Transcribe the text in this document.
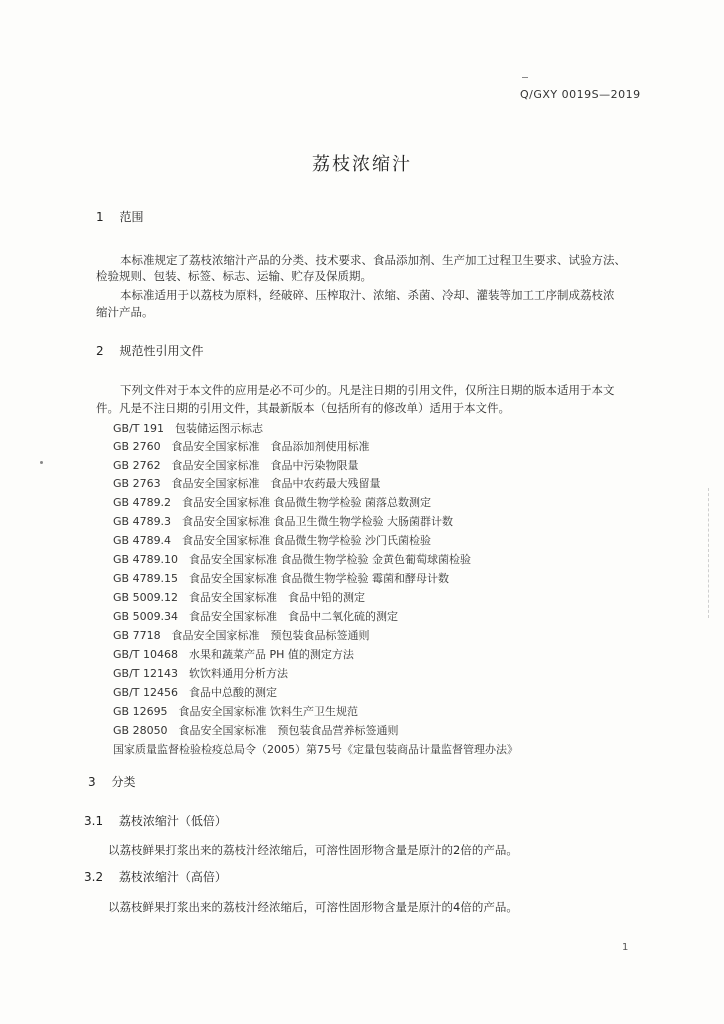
Q/GXY 0019S—2019
荔枝浓缩汁
1 范围
本标准规定了荔枝浓缩汁产品的分类、技术要求、食品添加剂、生产加工过程卫生要求、试验方法、
检验规则、包装、标签、标志、运输、贮存及保质期。
本标准适用于以荔枝为原料，经破碎、压榨取汁、浓缩、杀菌、冷却、灌装等加工工序制成荔枝浓
缩汁产品。
2 规范性引用文件
下列文件对于本文件的应用是必不可少的。凡是注日期的引用文件，仅所注日期的版本适用于本文
件。凡是不注日期的引用文件，其最新版本（包括所有的修改单）适用于本文件。
GB/T 191　包装储运图示标志
GB 2760　食品安全国家标准　食品添加剂使用标准
GB 2762　食品安全国家标准　食品中污染物限量
GB 2763　食品安全国家标准　食品中农药最大残留量
GB 4789.2　食品安全国家标准 食品微生物学检验 菌落总数测定
GB 4789.3　食品安全国家标准 食品卫生微生物学检验 大肠菌群计数
GB 4789.4　食品安全国家标准 食品微生物学检验 沙门氏菌检验
GB 4789.10　食品安全国家标准 食品微生物学检验 金黄色葡萄球菌检验
GB 4789.15　食品安全国家标准 食品微生物学检验 霉菌和酵母计数
GB 5009.12　食品安全国家标准　食品中铅的测定
GB 5009.34　食品安全国家标准　食品中二氧化硫的测定
GB 7718　食品安全国家标准　预包装食品标签通则
GB/T 10468　水果和蔬菜产品 PH 值的测定方法
GB/T 12143　软饮料通用分析方法
GB/T 12456　食品中总酸的测定
GB 12695　食品安全国家标准 饮料生产卫生规范
GB 28050　食品安全国家标准　预包装食品营养标签通则
国家质量监督检验检疫总局令（2005）第75号《定量包装商品计量监督管理办法》
3 分类
3.1 荔枝浓缩汁（低倍）
以荔枝鲜果打浆出来的荔枝汁经浓缩后，可溶性固形物含量是原汁的2倍的产品。
3.2 荔枝浓缩汁（高倍）
以荔枝鲜果打浆出来的荔枝汁经浓缩后，可溶性固形物含量是原汁的4倍的产品。
1
